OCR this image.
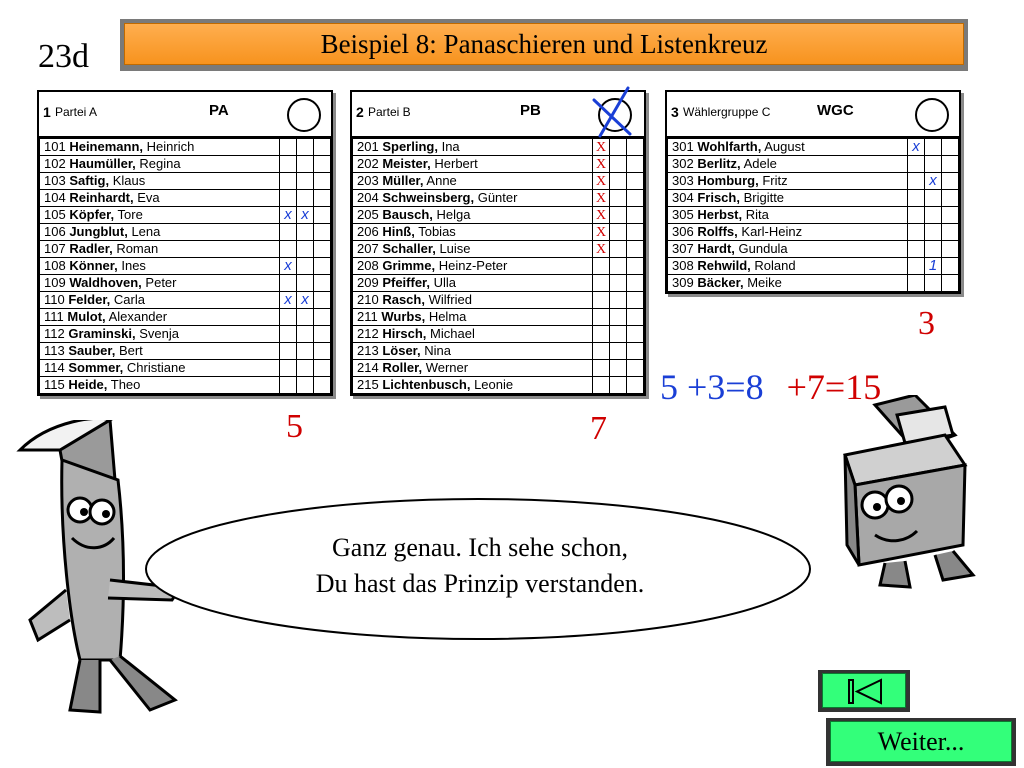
23d	Beispiel 8: Panaschieren und Listenkreuz
1 Partei A	PA
101 Heinemann, Heinrich			
102 Haumüller, Regina			
103 Saftig, Klaus			
104 Reinhardt, Eva			
105 Köpfer, Tore	x	x	
106 Jungblut, Lena			
107 Radler, Roman			
108 Könner, Ines	x		
109 Waldhoven, Peter			
110 Felder, Carla	x	x	
111 Mulot, Alexander			
112 Graminski, Svenja			
113 Sauber, Bert			
114 Sommer, Christiane			
115 Heide, Theo			
2 Partei B	PB
201 Sperling, Ina	X		
202 Meister, Herbert	X		
203 Müller, Anne	X		
204 Schweinsberg, Günter	X		
205 Bausch, Helga	X		
206 Hinß, Tobias	X		
207 Schaller, Luise	X		
208 Grimme, Heinz-Peter			
209 Pfeiffer, Ulla			
210 Rasch, Wilfried			
211 Wurbs, Helma			
212 Hirsch, Michael			
213 Löser, Nina			
214 Roller, Werner			
215 Lichtenbusch, Leonie			
3 Wählergruppe C	WGC
301 Wohlfarth, August	x		
302 Berlitz, Adele			
303 Homburg, Fritz		x	
304 Frisch, Brigitte			
305 Herbst, Rita			
306 Rolffs, Karl-Heinz			
307 Hardt, Gundula			
308 Rehwild, Roland		1	
309 Bäcker, Meike			
5	7
3
5 +3=8 +7=15
Ganz genau. Ich sehe schon,
Du hast das Prinzip verstanden.
Weiter...
